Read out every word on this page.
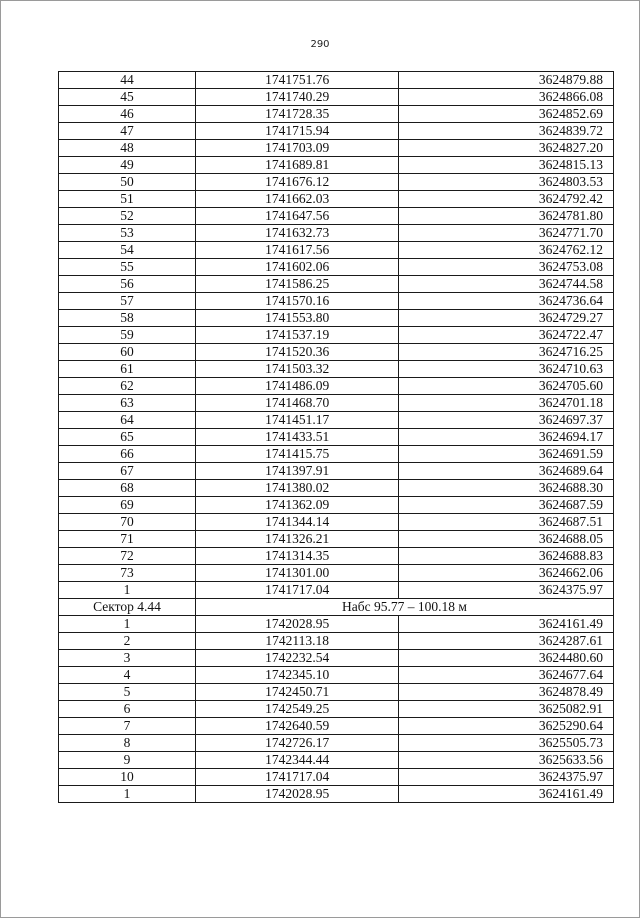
290
44	1741751.76	3624879.88
45	1741740.29	3624866.08
46	1741728.35	3624852.69
47	1741715.94	3624839.72
48	1741703.09	3624827.20
49	1741689.81	3624815.13
50	1741676.12	3624803.53
51	1741662.03	3624792.42
52	1741647.56	3624781.80
53	1741632.73	3624771.70
54	1741617.56	3624762.12
55	1741602.06	3624753.08
56	1741586.25	3624744.58
57	1741570.16	3624736.64
58	1741553.80	3624729.27
59	1741537.19	3624722.47
60	1741520.36	3624716.25
61	1741503.32	3624710.63
62	1741486.09	3624705.60
63	1741468.70	3624701.18
64	1741451.17	3624697.37
65	1741433.51	3624694.17
66	1741415.75	3624691.59
67	1741397.91	3624689.64
68	1741380.02	3624688.30
69	1741362.09	3624687.59
70	1741344.14	3624687.51
71	1741326.21	3624688.05
72	1741314.35	3624688.83
73	1741301.00	3624662.06
1	1741717.04	3624375.97
Сектор 4.44	Набс 95.77 – 100.18 м	
1	1742028.95	3624161.49
2	1742113.18	3624287.61
3	1742232.54	3624480.60
4	1742345.10	3624677.64
5	1742450.71	3624878.49
6	1742549.25	3625082.91
7	1742640.59	3625290.64
8	1742726.17	3625505.73
9	1742344.44	3625633.56
10	1741717.04	3624375.97
1	1742028.95	3624161.49
